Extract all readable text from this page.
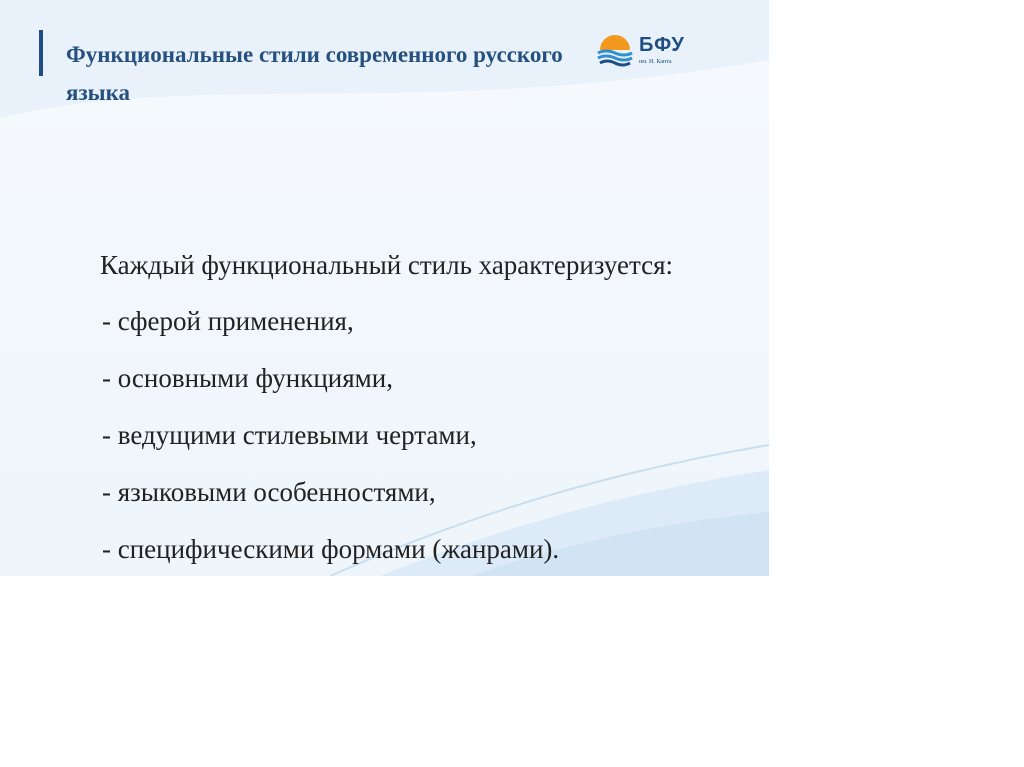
Функциональные стили современного русского языка
БФУ
им. И. Канта

Каждый функциональный стиль характеризуется:

- сферой применения,
- основными функциями,
- ведущими стилевыми чертами,
- языковыми особенностями,
- специфическими формами (жанрами).
